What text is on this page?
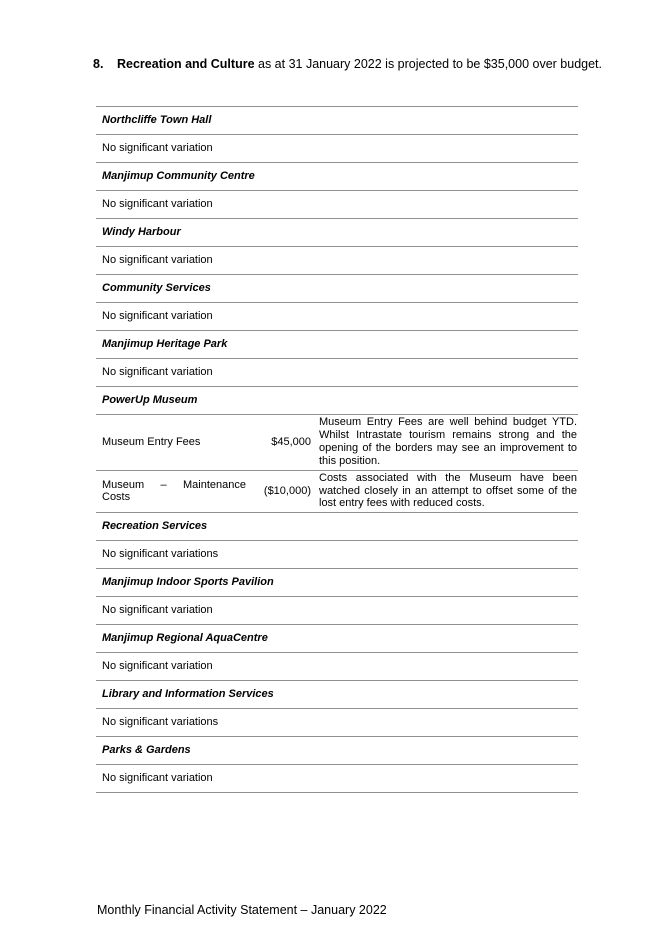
8.	Recreation and Culture as at 31 January 2022 is projected to be $35,000 over budget.

Northcliffe Town Hall		
No significant variation		
Manjimup Community Centre		
No significant variation		
Windy Harbour		
No significant variation		
Community Services		
No significant variation		
Manjimup Heritage Park		
No significant variation		
PowerUp Museum		
Museum Entry Fees	$45,000	Museum Entry Fees are well behind budget YTD. Whilst Intrastate tourism remains strong and the opening of the borders may see an improvement to this position.
Museum – Maintenance Costs	($10,000)	Costs associated with the Museum have been watched closely in an attempt to offset some of the lost entry fees with reduced costs.
Recreation Services		
No significant variations		
Manjimup Indoor Sports Pavilion		
No significant variation		
Manjimup Regional AquaCentre		
No significant variation		
Library and Information Services		
No significant variations		
Parks & Gardens		
No significant variation		
Monthly Financial Activity Statement – January 2022
